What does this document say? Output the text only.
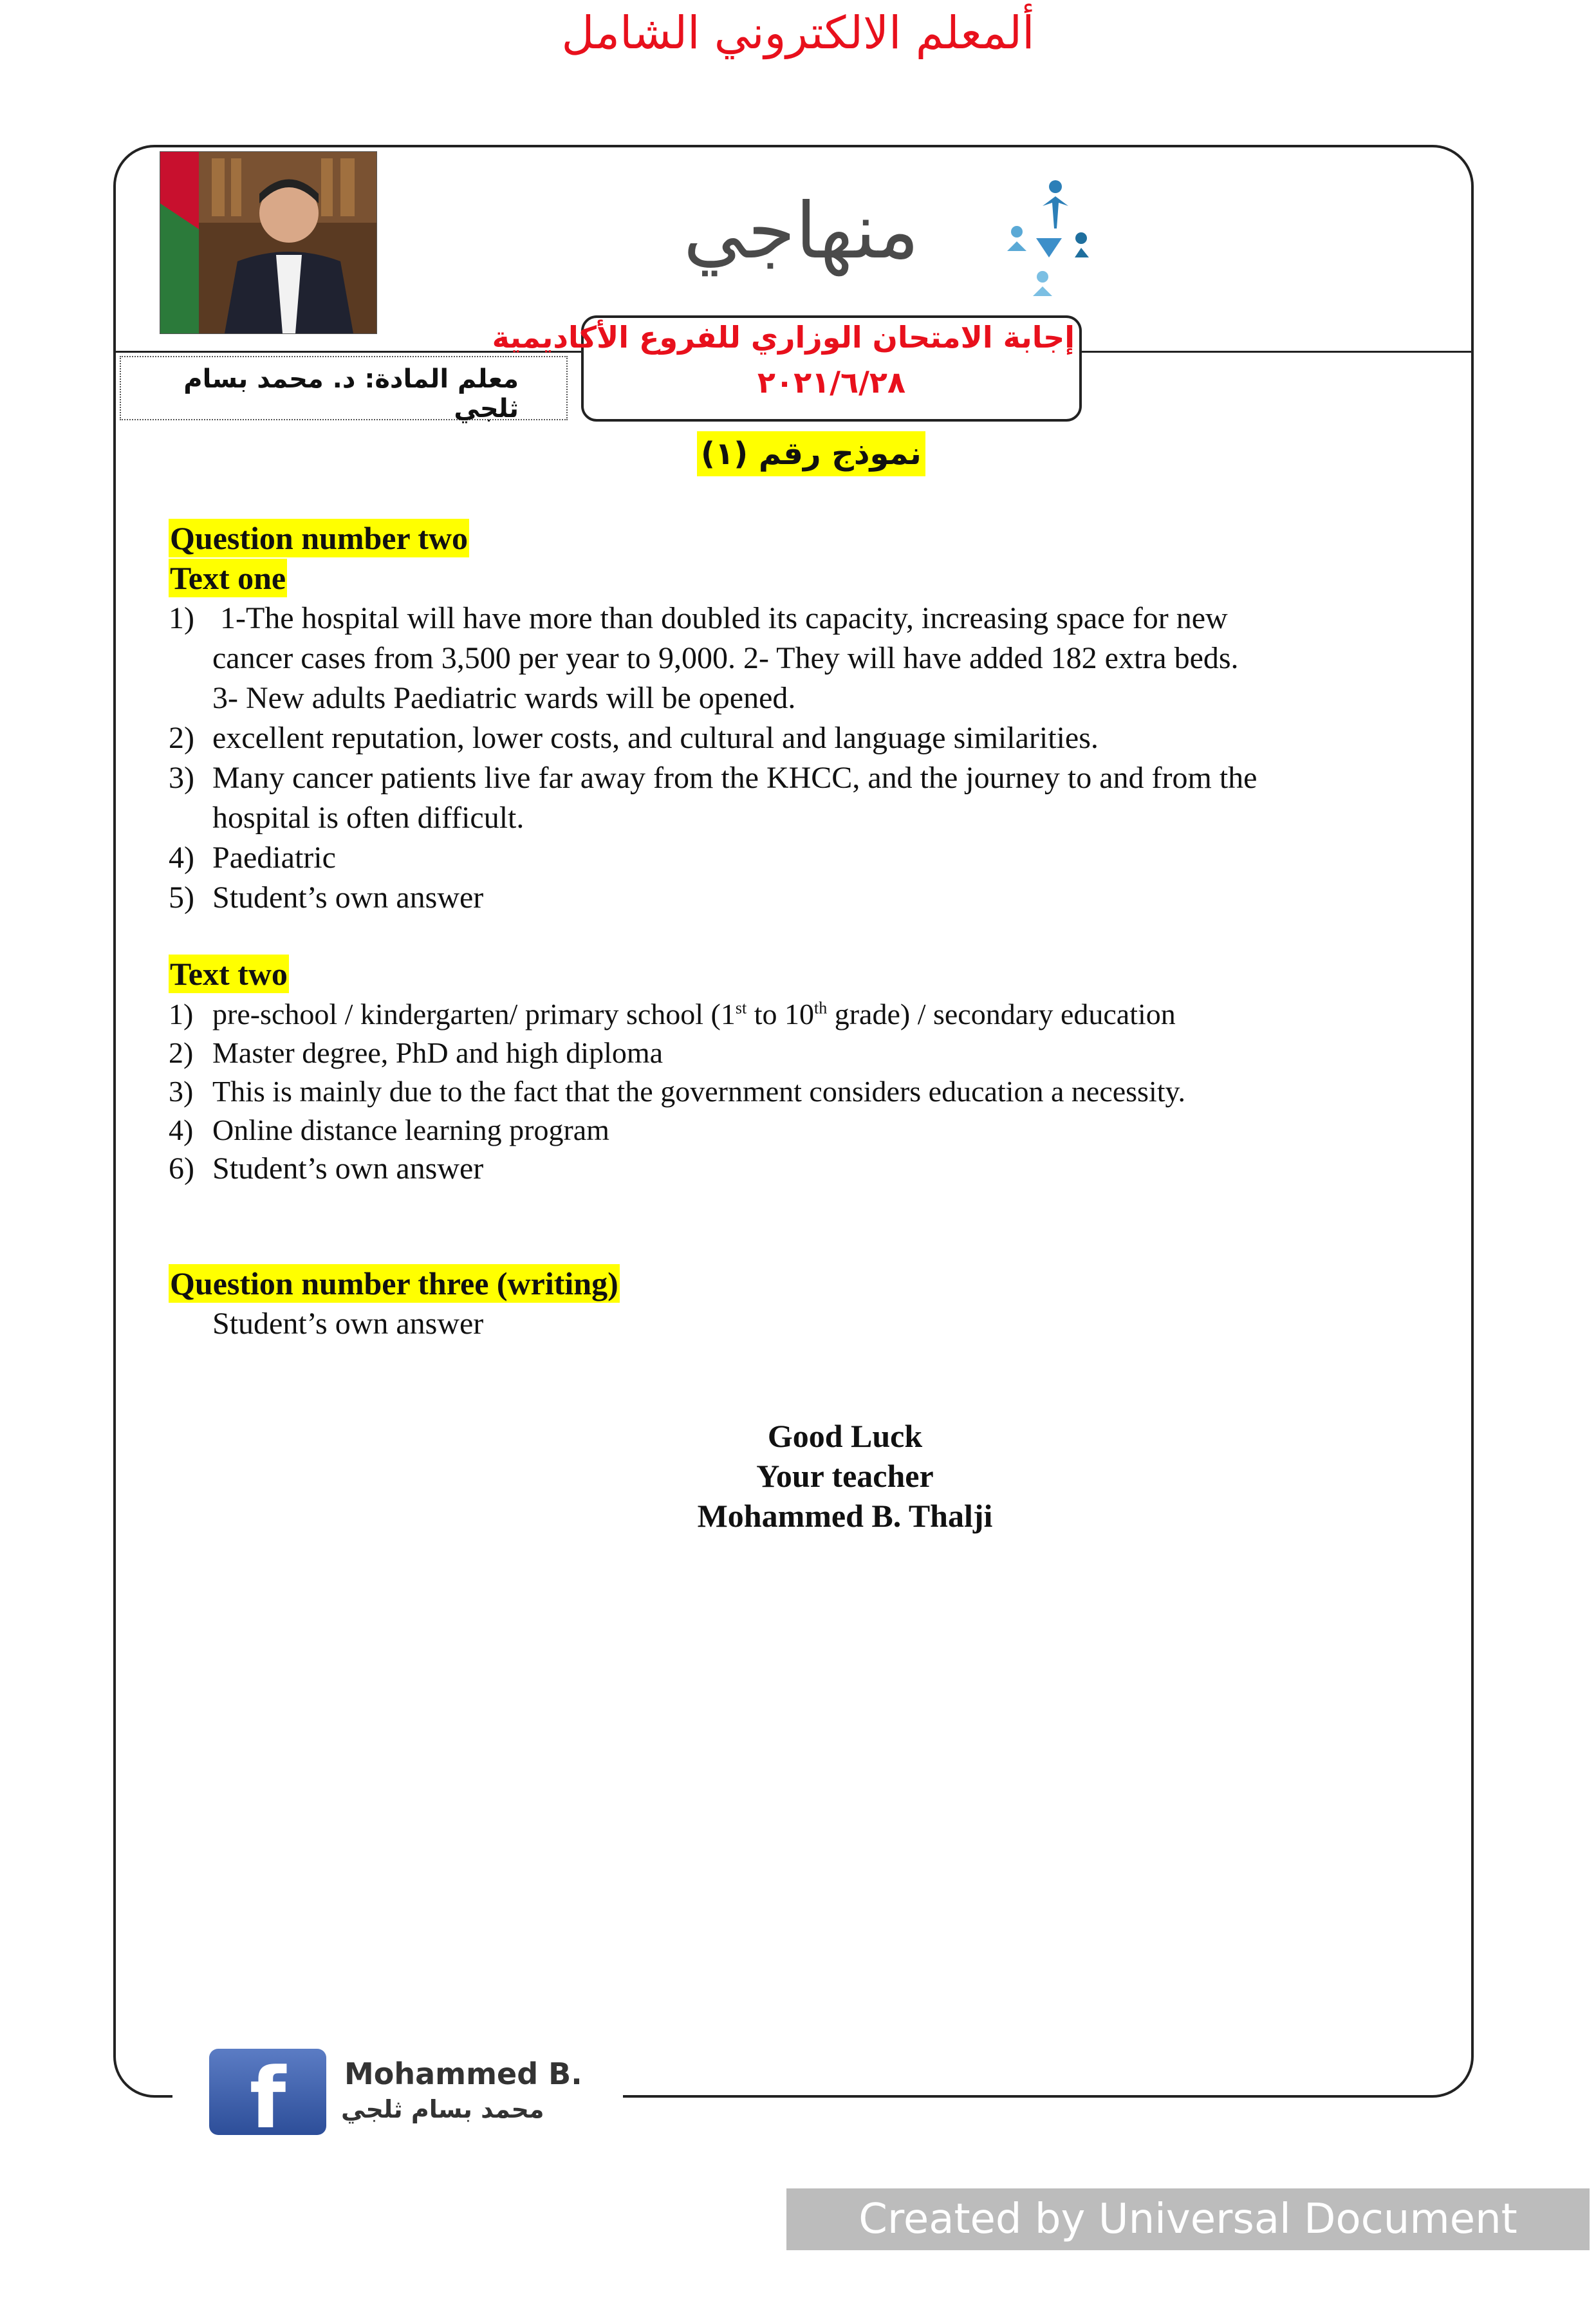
ألمعلم الالكتروني الشامل
منهاجي
معلم المادة: د. محمد بسام ثلجي
إجابة الامتحان الوزاري للفروع الأكاديمية
٢٠٢١/٦/٢٨
نموذج رقم (١)
Question number two
Text one
1) 1-The hospital will have more than doubled its capacity, increasing space for new
cancer cases from 3,500 per year to 9,000. 2- They will have added 182 extra beds.
3- New adults Paediatric wards will be opened.
2) excellent reputation, lower costs, and cultural and language similarities.
3) Many cancer patients live far away from the KHCC, and the journey to and from the
hospital is often difficult.
4) Paediatric
5) Student’s own answer
Text two
1) pre-school / kindergarten/ primary school (1st to 10th grade) / secondary education
2) Master degree, PhD and high diploma
3) This is mainly due to the fact that the government considers education a necessity.
4) Online distance learning program
6) Student’s own answer
Question number three (writing)
Student’s own answer
Good Luck
Your teacher
Mohammed B. Thalji
f	Mohammed B.
محمد بسام ثلجي
Created by Universal Document Converter
